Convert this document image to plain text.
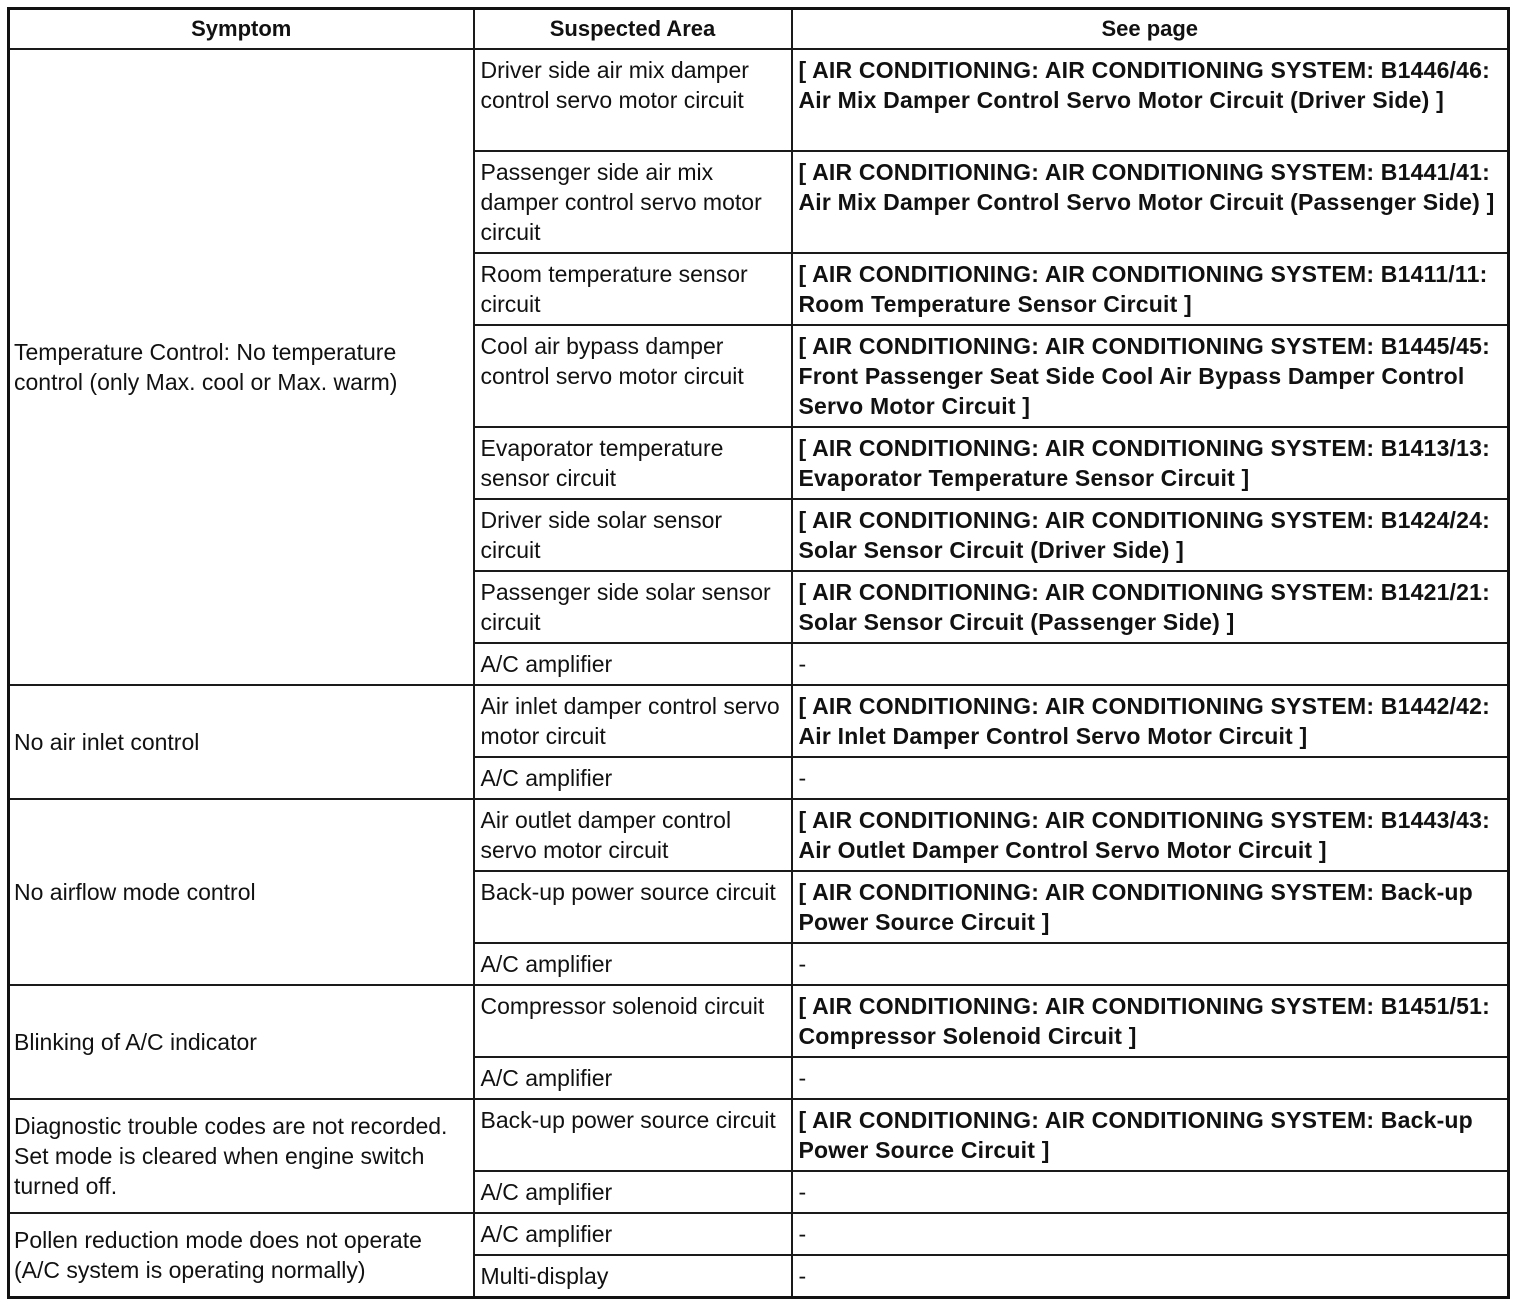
Symptom	Suspected Area	See page
Temperature Control: No temperature control (only Max. cool or Max. warm)	Driver side air mix damper control servo motor circuit	[ AIR CONDITIONING: AIR CONDITIONING SYSTEM: B1446/46: Air Mix Damper Control Servo Motor Circuit (Driver Side) ]
	Passenger side air mix damper control servo motor circuit	[ AIR CONDITIONING: AIR CONDITIONING SYSTEM: B1441/41: Air Mix Damper Control Servo Motor Circuit (Passenger Side) ]
	Room temperature sensor circuit	[ AIR CONDITIONING: AIR CONDITIONING SYSTEM: B1411/11: Room Temperature Sensor Circuit ]
	Cool air bypass damper control servo motor circuit	[ AIR CONDITIONING: AIR CONDITIONING SYSTEM: B1445/45: Front Passenger Seat Side Cool Air Bypass Damper Control Servo Motor Circuit ]
	Evaporator temperature sensor circuit	[ AIR CONDITIONING: AIR CONDITIONING SYSTEM: B1413/13: Evaporator Temperature Sensor Circuit ]
	Driver side solar sensor circuit	[ AIR CONDITIONING: AIR CONDITIONING SYSTEM: B1424/24: Solar Sensor Circuit (Driver Side) ]
	Passenger side solar sensor circuit	[ AIR CONDITIONING: AIR CONDITIONING SYSTEM: B1421/21: Solar Sensor Circuit (Passenger Side) ]
	A/C amplifier	-
No air inlet control	Air inlet damper control servo motor circuit	[ AIR CONDITIONING: AIR CONDITIONING SYSTEM: B1442/42: Air Inlet Damper Control Servo Motor Circuit ]
	A/C amplifier	-
No airflow mode control	Air outlet damper control servo motor circuit	[ AIR CONDITIONING: AIR CONDITIONING SYSTEM: B1443/43: Air Outlet Damper Control Servo Motor Circuit ]
	Back-up power source circuit	[ AIR CONDITIONING: AIR CONDITIONING SYSTEM: Back-up Power Source Circuit ]
	A/C amplifier	-
Blinking of A/C indicator	Compressor solenoid circuit	[ AIR CONDITIONING: AIR CONDITIONING SYSTEM: B1451/51: Compressor Solenoid Circuit ]
	A/C amplifier	-
Diagnostic trouble codes are not recorded. Set mode is cleared when engine switch turned off.	Back-up power source circuit	[ AIR CONDITIONING: AIR CONDITIONING SYSTEM: Back-up Power Source Circuit ]
	A/C amplifier	-
Pollen reduction mode does not operate (A/C system is operating normally)	A/C amplifier	-
	Multi-display	-
